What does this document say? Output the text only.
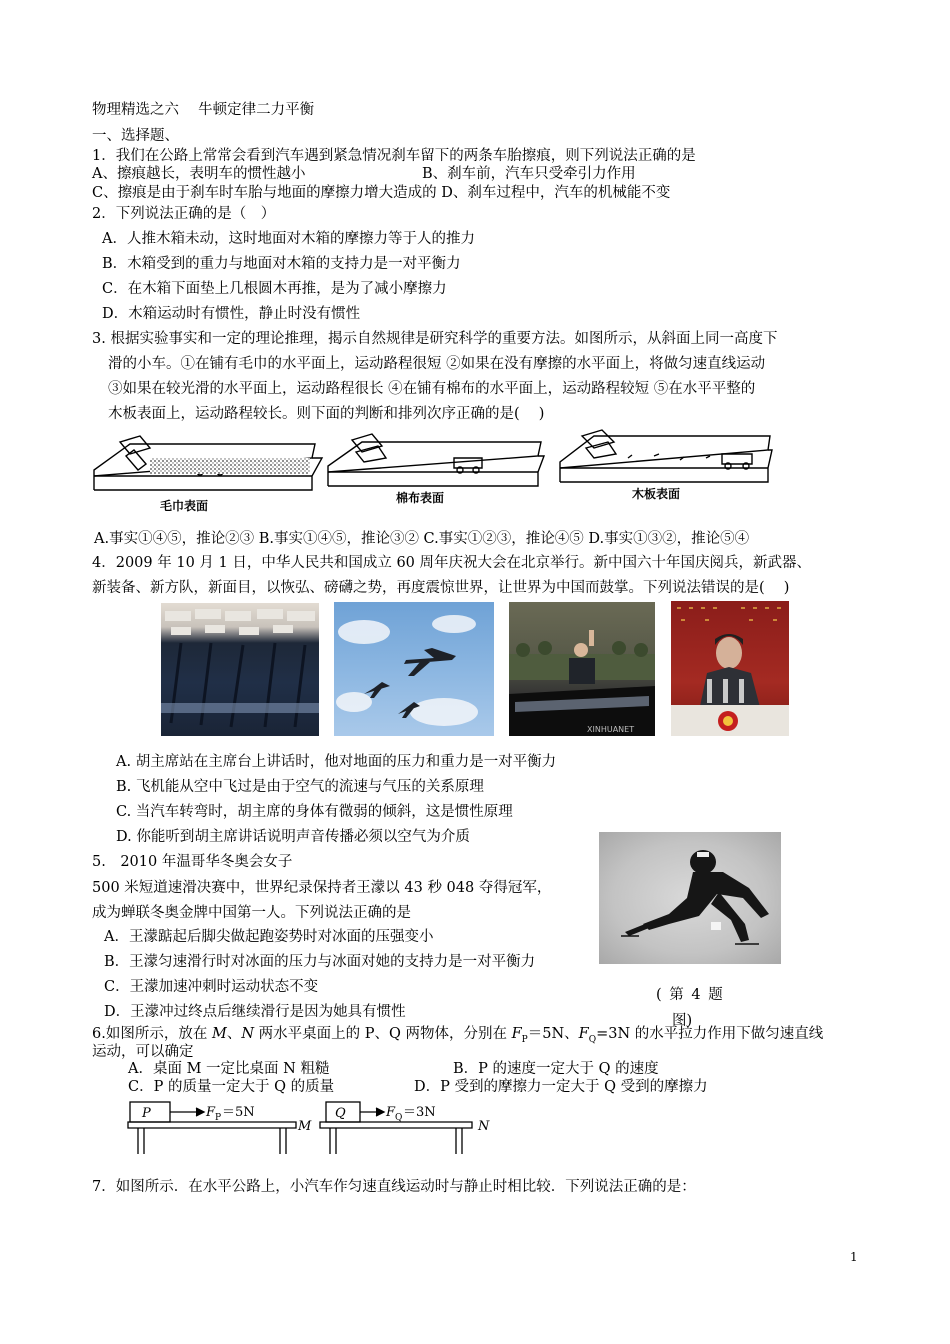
物理精选之六　 牛顿定律二力平衡
一、选择题、
1．我们在公路上常常会看到汽车遇到紧急情况刹车留下的两条车胎擦痕，则下列说法正确的是
A、擦痕越长，表明车的惯性越小	B、刹车前，汽车只受牵引力作用
C、擦痕是由于刹车时车胎与地面的摩擦力增大造成的 D、刹车过程中，汽车的机械能不变
2．下列说法正确的是（　）
A．人推木箱未动，这时地面对木箱的摩擦力等于人的推力
B．木箱受到的重力与地面对木箱的支持力是一对平衡力
C．在木箱下面垫上几根圆木再推，是为了减小摩擦力
D．木箱运动时有惯性，静止时没有惯性
3. 根据实验事实和一定的理论推理，揭示自然规律是研究科学的重要方法。如图所示，从斜面上同一高度下
滑的小车。①在铺有毛巾的水平面上，运动路程很短 ②如果在没有摩擦的水平面上，将做匀速直线运动
③如果在较光滑的水平面上，运动路程很长 ④在铺有棉布的水平面上，运动路程较短 ⑤在水平平整的
木板表面上，运动路程较长。则下面的判断和排列次序正确的是(　 )
毛巾表面
棉布表面	木板表面
A.事实①④⑤，推论②③ B.事实①④⑤，推论③② C.事实①②③，推论④⑤ D.事实①③②，推论⑤④
4．2009 年 10 月 1 日，中华人民共和国成立 60 周年庆祝大会在北京举行。新中国六十年国庆阅兵，新武器、
新装备、新方队，新面目，以恢弘、磅礴之势，再度震惊世界，让世界为中国而鼓掌。下列说法错误的是(　 )
XINHUANET
A. 胡主席站在主席台上讲话时，他对地面的压力和重力是一对平衡力
B. 飞机能从空中飞过是由于空气的流速与气压的关系原理
C. 当汽车转弯时，胡主席的身体有微弱的倾斜，这是惯性原理
D. 你能听到胡主席讲话说明声音传播必须以空气为介质
5.　2010 年温哥华冬奥会女子
500 米短道速滑决赛中，世界纪录保持者王濛以 43 秒 048 夺得冠军，
成为蝉联冬奥金牌中国第一人。下列说法正确的是
A．王濛踮起后脚尖做起跑姿势时对冰面的压强变小
B．王濛匀速滑行时对冰面的压力与冰面对她的支持力是一对平衡力
C．王濛加速冲刺时运动状态不变
D．王濛冲过终点后继续滑行是因为她具有惯性
( 第 4 题
图)
6.如图所示，放在 M、N 两水平桌面上的 P、Q 两物体，分别在 $F_P=5N$、$F_Q=3N$ 的水平拉力作用下做匀速直线
运动，可以确定
A．桌面 M 一定比桌面 N 粗糙	B．P 的速度一定大于 Q 的速度
C．P 的质量一定大于 Q 的质量	D．P 受到的摩擦力一定大于 Q 受到的摩擦力
P	F P ＝5N
M
Q	F Q ＝3N
N
7．如图所示．在水平公路上，小汽车作匀速直线运动时与静止时相比较．下列说法正确的是：
1
